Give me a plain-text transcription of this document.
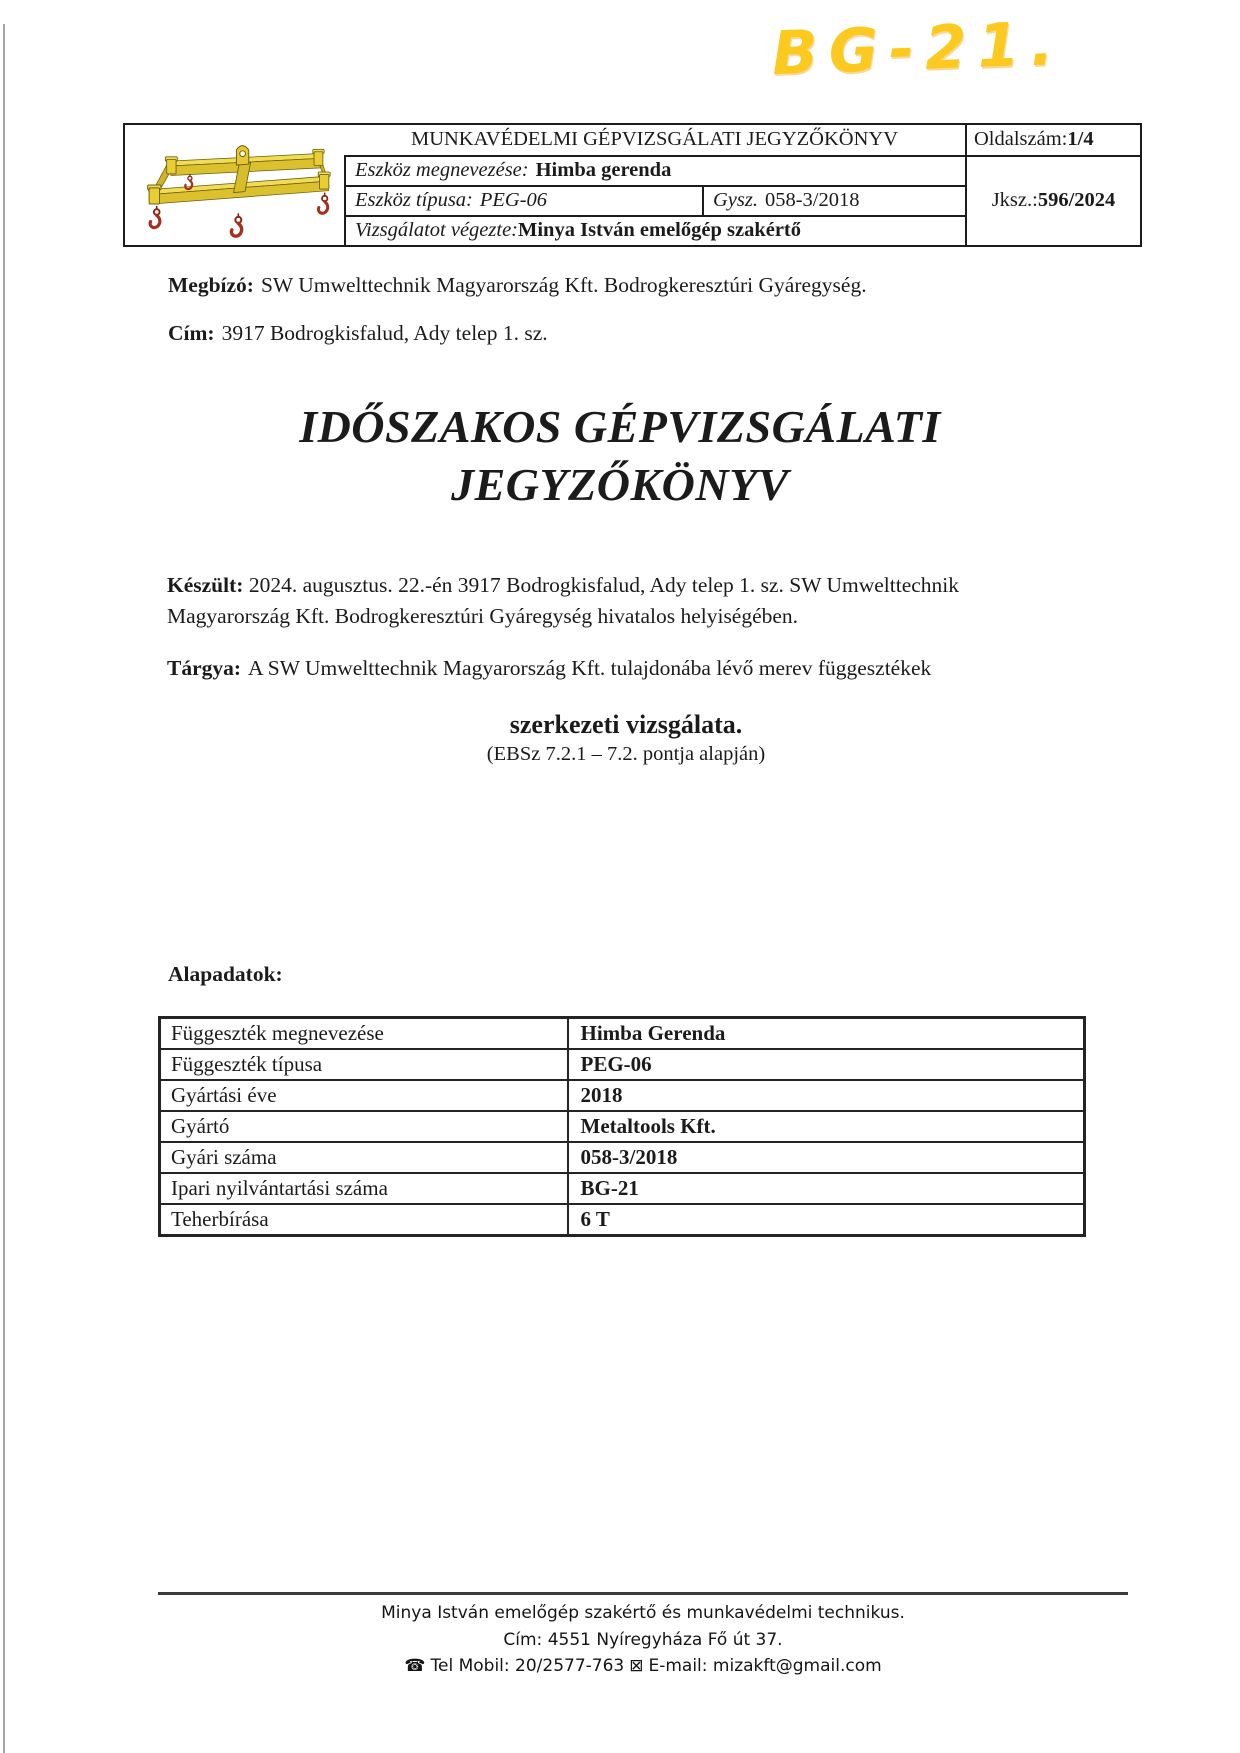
BG-21.
MUNKAVÉDELMI GÉPVIZSGÁLATI JEGYZŐKÖNYV	Oldalszám: 1/4
Eszköz megnevezése: Himba gerenda
Jksz.: 596/2024
Eszköz típusa: PEG-06	Gysz. 058-3/2018
Vizsgálatot végezte: Minya István emelőgép szakértő
Megbízó: SW Umwelttechnik Magyarország Kft. Bodrogkeresztúri Gyáregység.
Cím: 3917 Bodrogkisfalud, Ady telep 1. sz.
IDŐSZAKOS GÉPVIZSGÁLATI
JEGYZŐKÖNYV
Készült: 2024. augusztus. 22.-én 3917 Bodrogkisfalud, Ady telep 1. sz. SW Umwelttechnik Magyarország Kft. Bodrogkeresztúri Gyáregység hivatalos helyiségében.
Tárgya: A SW Umwelttechnik Magyarország Kft. tulajdonába lévő merev függesztékek
szerkezeti vizsgálata.
(EBSz 7.2.1 – 7.2. pontja alapján)
Alapadatok:
Függeszték megnevezése	Himba Gerenda
Függeszték típusa	PEG-06
Gyártási éve	2018
Gyártó	Metaltools Kft.
Gyári száma	058-3/2018
Ipari nyilvántartási száma	BG-21
Teherbírása	6 T
Minya István emelőgép szakértő és munkavédelmi technikus.
Cím: 4551 Nyíregyháza Fő út 37.
☎ Tel Mobil: 20/2577-763 ⊠ E-mail: mizakft@gmail.com
